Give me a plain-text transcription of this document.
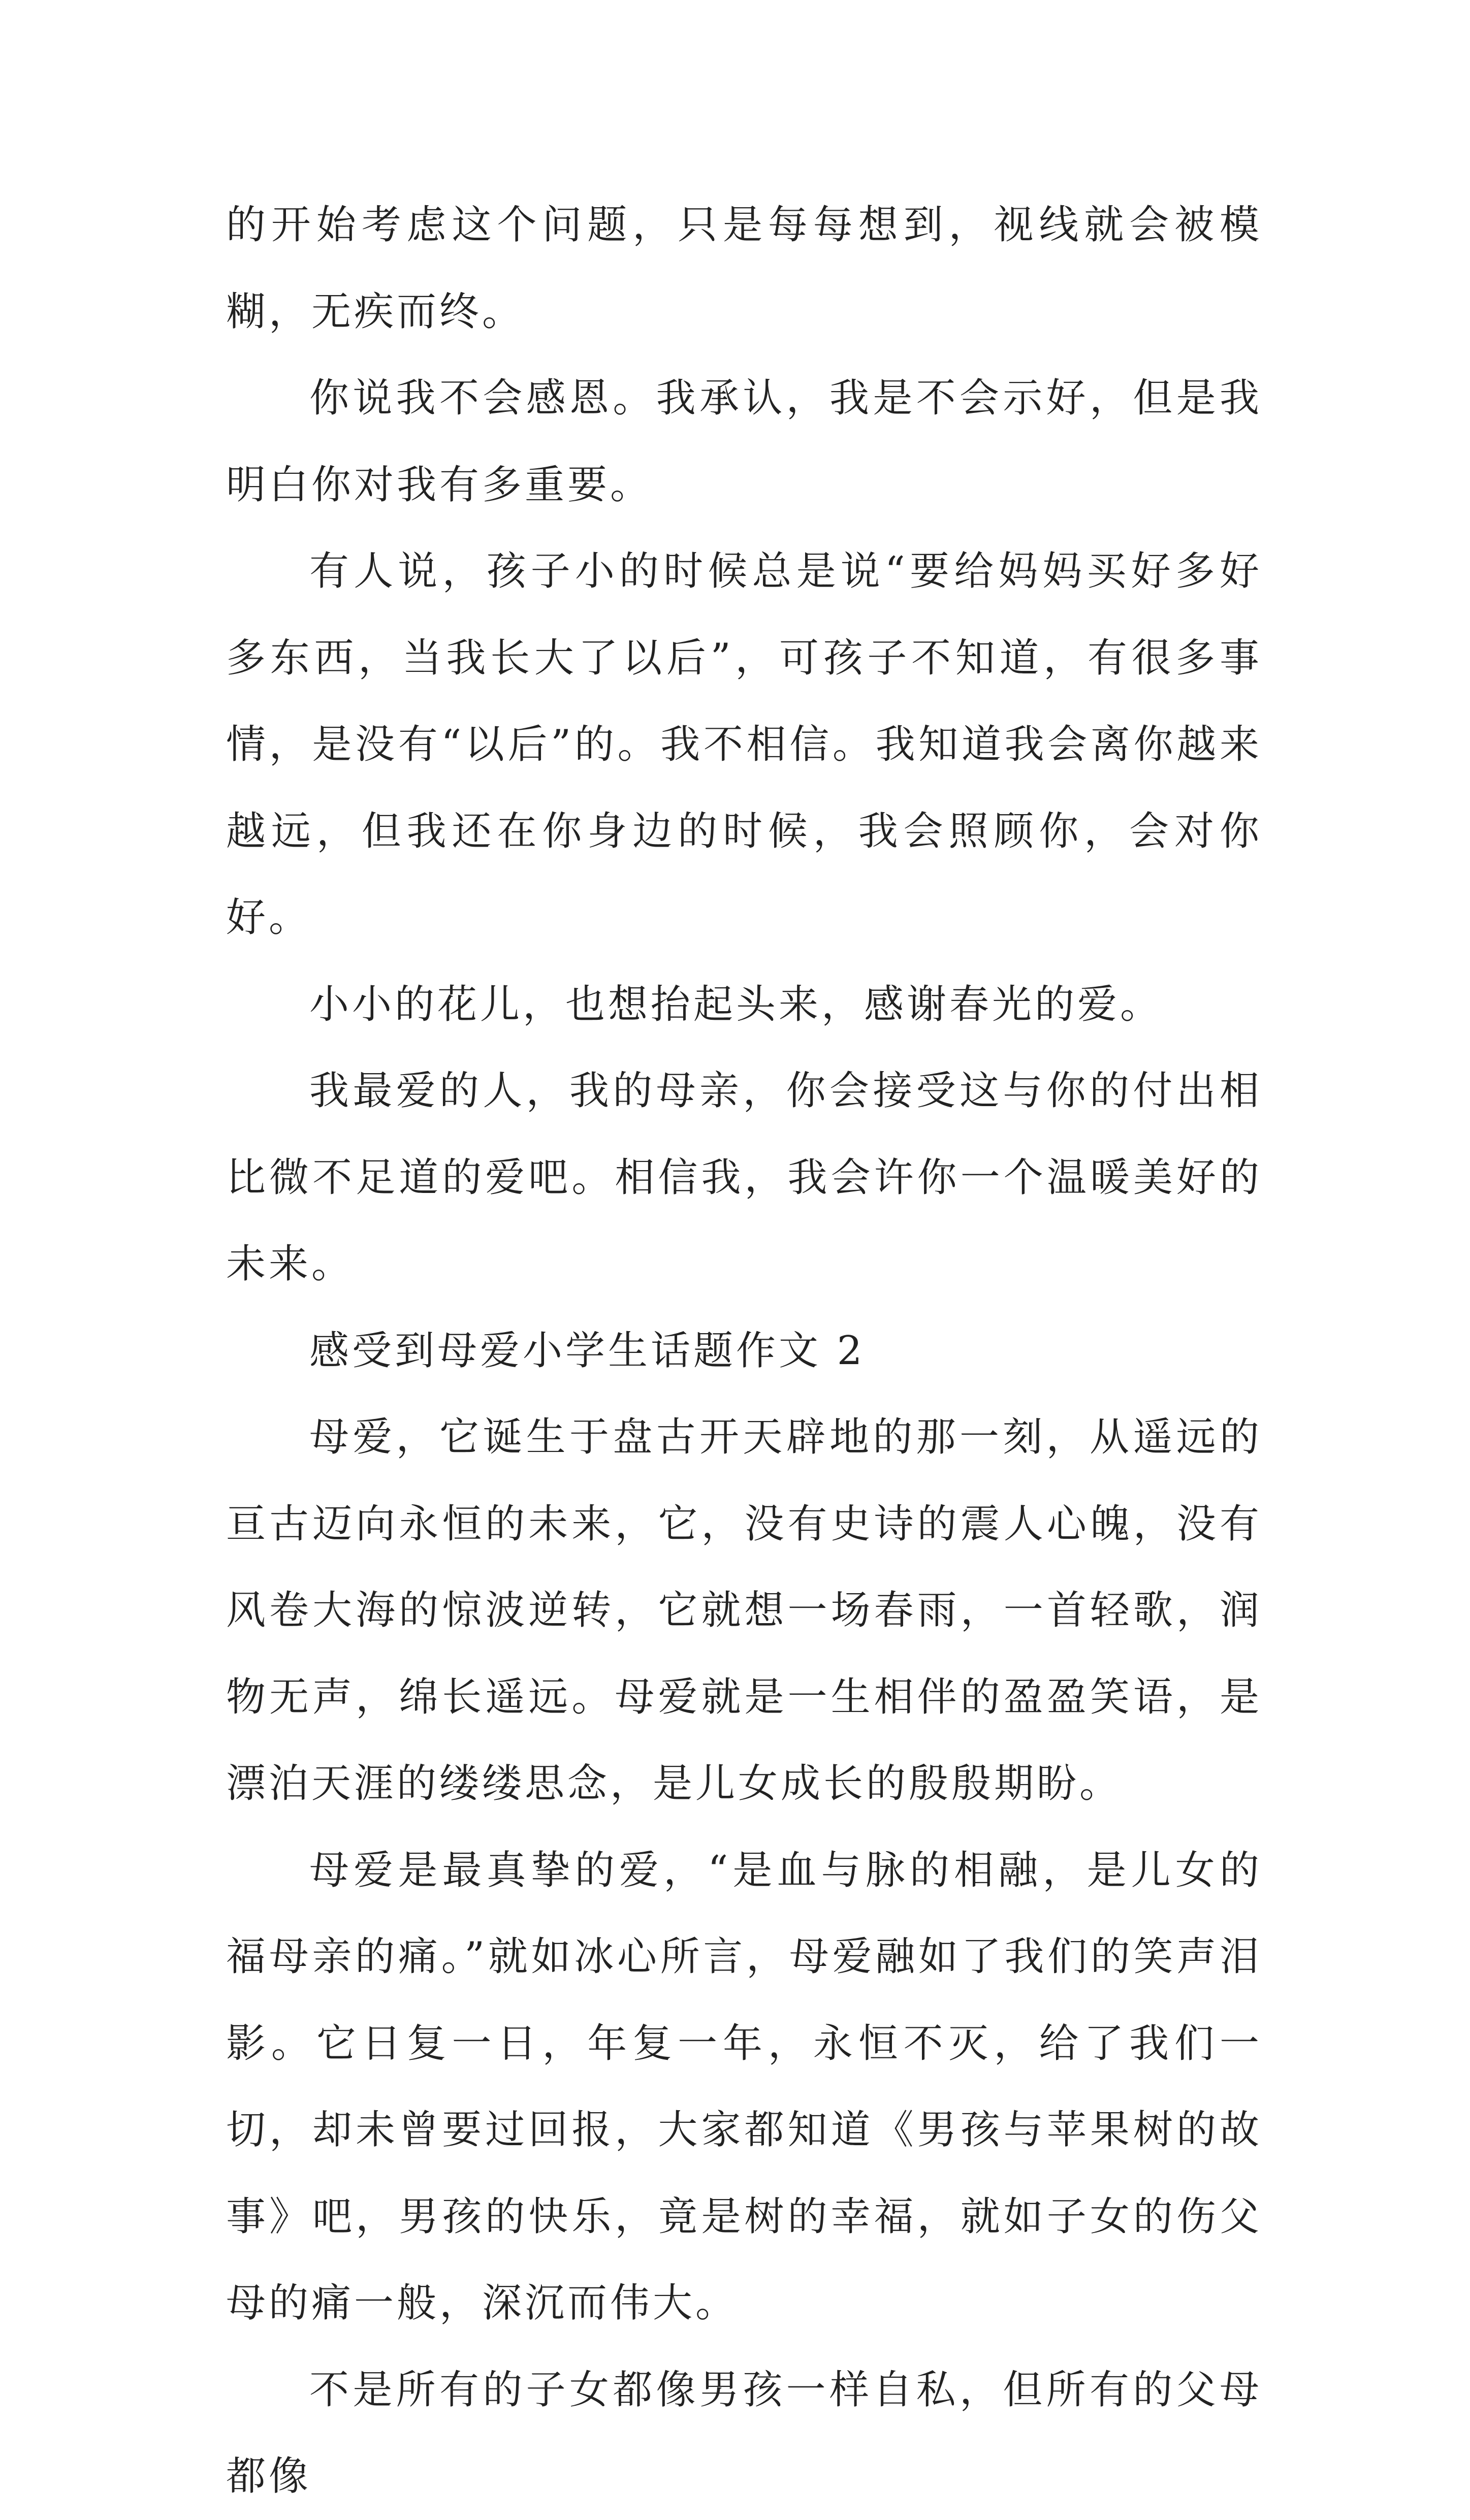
的开始考虑这个问题，只是每每想到，视线就会被模糊，无疾而终。

你说我不会感恩。我承认，我是不会示好，但是我明白你对我有多重要。

有人说，孩子小的时候总是说“要给妈妈买好多好多东西，当我长大了以后”，可孩子不知道，有很多事情，是没有“以后”的。我不相信。我知道我会离你越来越远，但我还在你身边的时候，我会照顾你，会对你好。

小小的花儿，也想抬起头来，感谢春光的爱。

我最爱的人，我的母亲，你会接受这与你的付出相比微不足道的爱吧。相信我，我会许你一个温暖美好的未来。

感受到母爱小学生话题作文 2

母爱，它诞生于盘古开天辟地的那一刻，从遥远的亘古迈向永恒的未来，它，没有史诗的震人心魄，没有风卷大海的惊波逆转，它就想一场春雨，一首轻歌，润物无声，绵长遥远。母爱就是一生相伴的盈盈笑语，是漂泊天涯的缕缕思念，是儿女成长的殷殷期盼。

母爱是最真挚的爱，“是血与脉的相融，是儿女的福母亲的痛。”就如冰心所言，母爱融如了我们的笑声泪影。它日复一日，年复一年，永恒不灭，给了我们一切，却未曾要过回报，大家都知道《男孩与苹果树的故事》吧，男孩的快乐，竟是树的幸福，就如子女的伤父母的痛一般，深沉而伟大。

不是所有的子女都像男孩一样自私，但所有的父母都像
